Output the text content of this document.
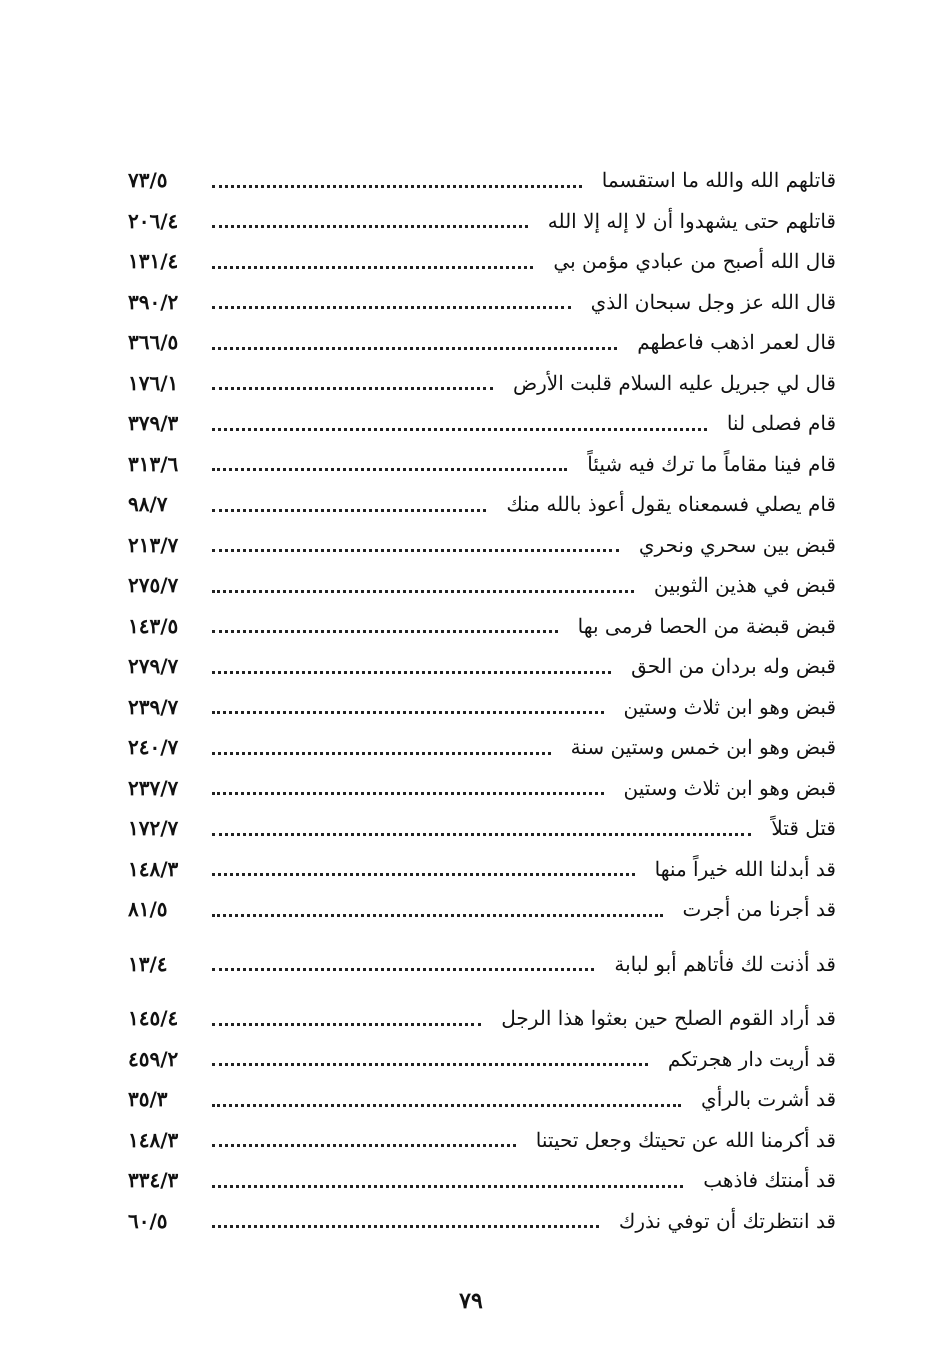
قاتلهم الله والله ما استقسما
٧٣/٥
قاتلهم حتى يشهدوا أن لا إله إلا الله
٢٠٦/٤
قال الله أصبح من عبادي مؤمن بي
١٣١/٤
قال الله عز وجل سبحان الذي
٣٩٠/٢
قال لعمر اذهب فاعطهم
٣٦٦/٥
قال لي جبريل عليه السلام قلبت الأرض
١٧٦/١
قام فصلى لنا
٣٧٩/٣
قام فينا مقاماً ما ترك فيه شيئاً
٣١٣/٦
قام يصلي فسمعناه يقول أعوذ بالله منك
٩٨/٧
قبض بين سحري ونحري
٢١٣/٧
قبض في هذين الثوبين
٢٧٥/٧
قبض قبضة من الحصا فرمى بها
١٤٣/٥
قبض وله بردان من الحق
٢٧٩/٧
قبض وهو ابن ثلاث وستين
٢٣٩/٧
قبض وهو ابن خمس وستين سنة
٢٤٠/٧
قبض وهو ابن ثلاث وستين
٢٣٧/٧
قتل قتلاً
١٧٢/٧
قد أبدلنا الله خيراً منها
١٤٨/٣
قد أجرنا من أجرت
٨١/٥
قد أذنت لك فأتاهم أبو لبابة
١٣/٤
قد أراد القوم الصلح حين بعثوا هذا الرجل
١٤٥/٤
قد أريت دار هجرتكم
٤٥٩/٢
قد أشرت بالرأي
٣٥/٣
قد أكرمنا الله عن تحيتك وجعل تحيتنا
١٤٨/٣
قد أمنتك فاذهب
٣٣٤/٣
قد انتظرتك أن توفي نذرك
٦٠/٥
٧٩
